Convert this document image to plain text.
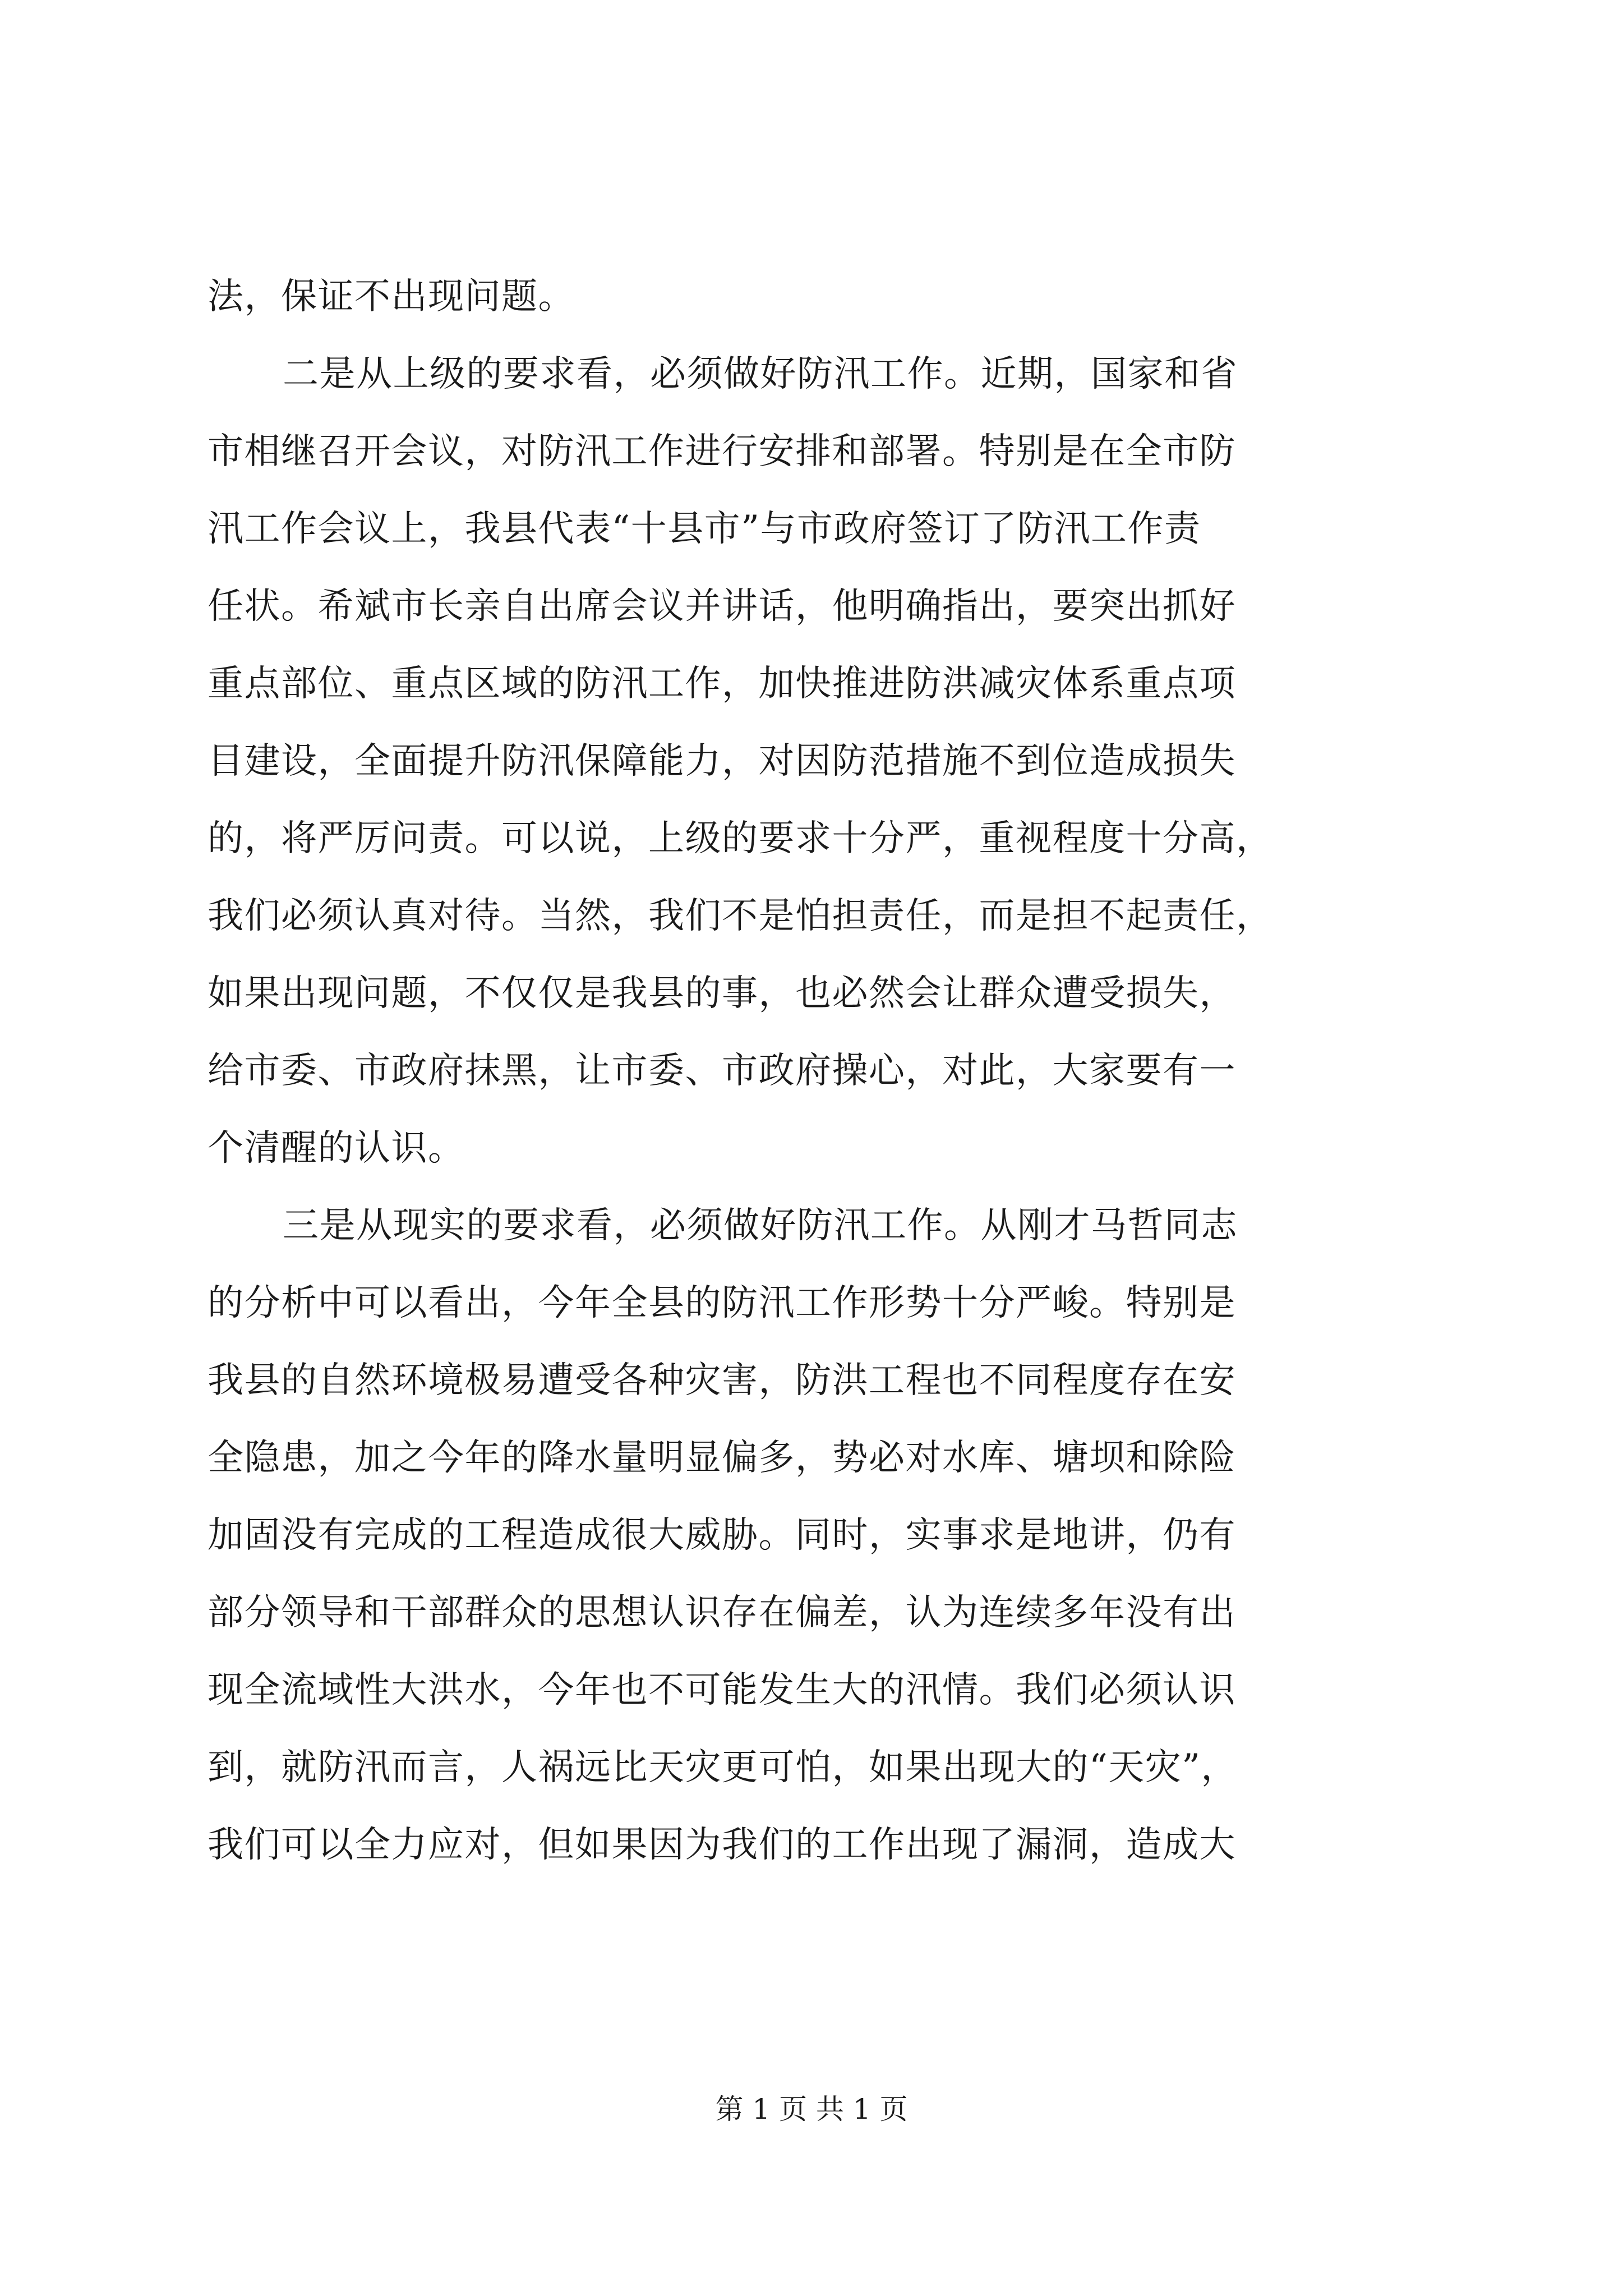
法，保证不出现问题。
二是从上级的要求看，必须做好防汛工作。近期，国家和省
市相继召开会议，对防汛工作进行安排和部署。特别是在全市防
汛工作会议上，我县代表“十县市”与市政府签订了防汛工作责
任状。希斌市长亲自出席会议并讲话，他明确指出，要突出抓好
重点部位、重点区域的防汛工作，加快推进防洪减灾体系重点项
目建设，全面提升防汛保障能力，对因防范措施不到位造成损失
的，将严厉问责。可以说，上级的要求十分严，重视程度十分高，
我们必须认真对待。当然，我们不是怕担责任，而是担不起责任，
如果出现问题，不仅仅是我县的事，也必然会让群众遭受损失，
给市委、市政府抹黑，让市委、市政府操心，对此，大家要有一
个清醒的认识。
三是从现实的要求看，必须做好防汛工作。从刚才马哲同志
的分析中可以看出，今年全县的防汛工作形势十分严峻。特别是
我县的自然环境极易遭受各种灾害，防洪工程也不同程度存在安
全隐患，加之今年的降水量明显偏多，势必对水库、塘坝和除险
加固没有完成的工程造成很大威胁。同时，实事求是地讲，仍有
部分领导和干部群众的思想认识存在偏差，认为连续多年没有出
现全流域性大洪水，今年也不可能发生大的汛情。我们必须认识
到，就防汛而言，人祸远比天灾更可怕，如果出现大的“天灾”，
我们可以全力应对，但如果因为我们的工作出现了漏洞，造成大
第 1 页 共 1 页
